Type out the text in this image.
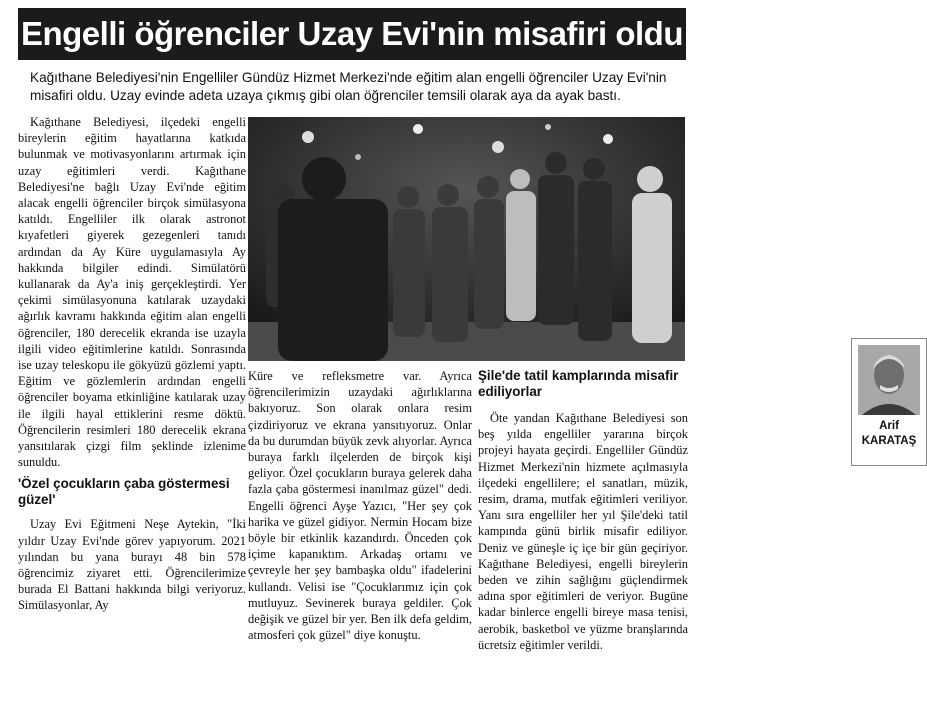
Engelli öğrenciler Uzay Evi'nin misafiri oldu
Kağıthane Belediyesi'nin Engelliler Gündüz Hizmet Merkezi'nde eğitim alan engelli öğrenciler Uzay Evi'nin misafiri oldu. Uzay evinde adeta uzaya çıkmış gibi olan öğrenciler temsili olarak aya da ayak bastı.

Kağıthane Belediyesi, ilçedeki engelli bireylerin eğitim hayatlarına katkıda bulunmak ve motivasyonlarını artırmak için uzay eğitimleri verdi. Kağıthane Belediyesi'ne bağlı Uzay Evi'nde eğitim alacak engelli öğrenciler birçok simülasyona katıldı. Engelliler ilk olarak astronot kıyafetleri giyerek gezegenleri tanıdı ardından da Ay Küre uygulamasıyla Ay hakkında bilgiler edindi. Simülatörü kullanarak da Ay'a iniş gerçekleştirdi. Yer çekimi simülasyonuna katılarak uzaydaki ağırlık kavramı hakkında eğitim alan engelli öğrenciler, 180 derecelik ekranda ise uzayla ilgili video eğitimlerine katıldı. Sonrasında ise uzay teleskopu ile gökyüzü gözlemi yaptı. Eğitim ve gözlemlerin ardından engelli öğrenciler boyama etkinliğine katılarak uzay ile ilgili hayal ettiklerini resme döktü. Öğrencilerin resimleri 180 derecelik ekrana yansıtılarak çizgi film şeklinde izlenime sunuldu.

'Özel çocukların çaba göstermesi güzel'

Uzay Evi Eğitmeni Neşe Aytekin, "İki yıldır Uzay Evi'nde görev yapıyorum. 2021 yılından bu yana burayı 48 bin 578 öğrencimiz ziyaret etti. Öğrencilerimize burada El Battani hakkında bilgi veriyoruz. Simülasyonlar, Ay

Arif
KARATAŞ

Küre ve refleksmetre var. Ayrıca öğrencilerimizin uzaydaki ağırlıklarına bakıyoruz. Son olarak onlara resim çizdiriyoruz ve ekrana yansıtıyoruz. Onlar da bu durumdan büyük zevk alıyorlar. Ayrıca buraya farklı ilçelerden de birçok kişi geliyor. Özel çocukların buraya gelerek daha fazla çaba göstermesi inanılmaz güzel" dedi. Engelli öğrenci Ayşe Yazıcı, "Her şey çok harika ve güzel gidiyor. Nermin Hocam bize böyle bir etkinlik kazandırdı. Önceden çok içime kapanıktım. Arkadaş ortamı ve çevreyle her şey bambaşka oldu" ifadelerini kullandı. Velisi ise "Çocuklarımız için çok mutluyuz. Sevinerek buraya geldiler. Çok değişik ve güzel bir yer. Ben ilk defa geldim, atmosferi çok güzel" diye konuştu.

Şile'de tatil kamplarında misafir ediliyorlar

Öte yandan Kağıthane Belediyesi son beş yılda engelliler yararına birçok projeyi hayata geçirdi. Engelliler Gündüz Hizmet Merkezi'nin hizmete açılmasıyla ilçedeki engellilere; el sanatları, müzik, resim, drama, mutfak eğitimleri veriliyor. Yanı sıra engelliler her yıl Şile'deki tatil kampında günü birlik misafir ediliyor. Deniz ve güneşle iç içe bir gün geçiriyor. Kağıthane Belediyesi, engelli bireylerin beden ve zihin sağlığını güçlendirmek adına spor eğitimleri de veriyor. Bugüne kadar binlerce engelli bireye masa tenisi, aerobik, basketbol ve yüzme branşlarında ücretsiz eğitimler verildi.
